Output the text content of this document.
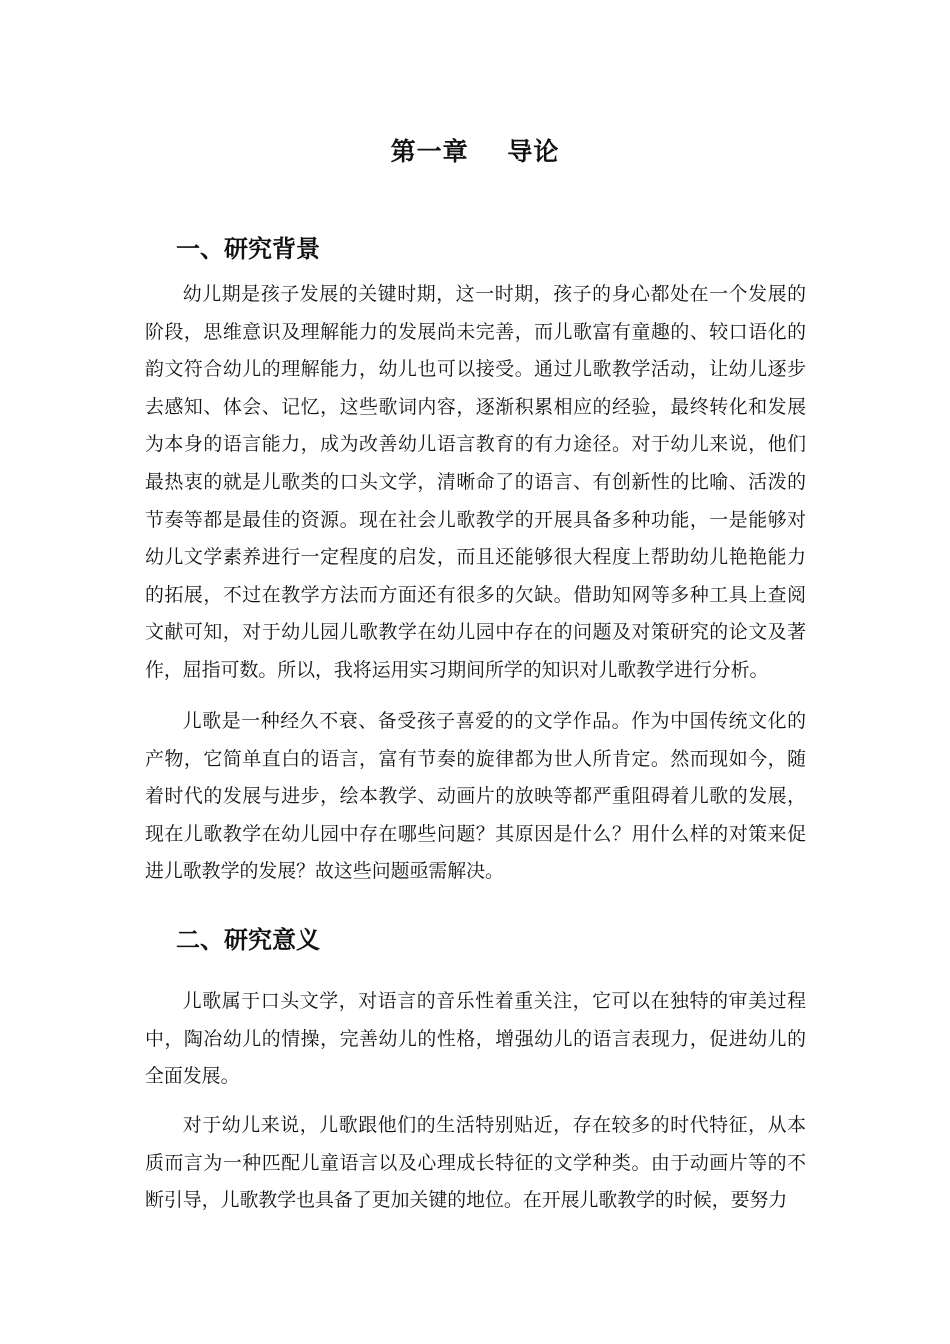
第一章    导论
一、研究背景

幼儿期是孩子发展的关键时期，这一时期，孩子的身心都处在一个发展的阶段，思维意识及理解能力的发展尚未完善，而儿歌富有童趣的、较口语化的韵文符合幼儿的理解能力，幼儿也可以接受。通过儿歌教学活动，让幼儿逐步去感知、体会、记忆，这些歌词内容，逐渐积累相应的经验，最终转化和发展为本身的语言能力，成为改善幼儿语言教育的有力途径。对于幼儿来说，他们最热衷的就是儿歌类的口头文学，清晰命了的语言、有创新性的比喻、活泼的节奏等都是最佳的资源。现在社会儿歌教学的开展具备多种功能，一是能够对幼儿文学素养进行一定程度的启发，而且还能够很大程度上帮助幼儿艳艳能力的拓展，不过在教学方法而方面还有很多的欠缺。借助知网等多种工具上查阅文献可知，对于幼儿园儿歌教学在幼儿园中存在的问题及对策研究的论文及著作，屈指可数。所以，我将运用实习期间所学的知识对儿歌教学进行分析。

儿歌是一种经久不衰、备受孩子喜爱的的文学作品。作为中国传统文化的产物，它简单直白的语言，富有节奏的旋律都为世人所肯定。然而现如今，随着时代的发展与进步，绘本教学、动画片的放映等都严重阻碍着儿歌的发展，现在儿歌教学在幼儿园中存在哪些问题？其原因是什么？用什么样的对策来促进儿歌教学的发展？故这些问题亟需解决。

二、研究意义

儿歌属于口头文学，对语言的音乐性着重关注，它可以在独特的审美过程中，陶冶幼儿的情操，完善幼儿的性格，增强幼儿的语言表现力，促进幼儿的全面发展。

对于幼儿来说，儿歌跟他们的生活特别贴近，存在较多的时代特征，从本质而言为一种匹配儿童语言以及心理成长特征的文学种类。由于动画片等的不断引导，儿歌教学也具备了更加关键的地位。在开展儿歌教学的时候，要努力
